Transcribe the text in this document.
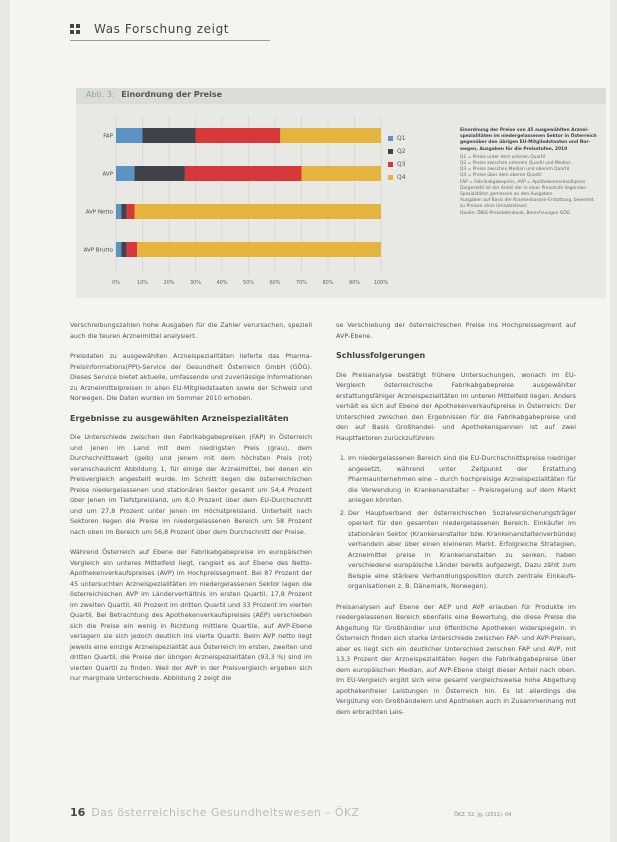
Was Forschung zeigt
Abb. 3: Einordnung der Preise
0%	10%	20%	30%	40%	50%	60%	70%	80%	90%	100%
FAP
AVP
AVP Netto
AVP Brutto
Q1
Q2
Q3
Q4
Einordnung der Preise von 45 ausgewählten Arzneispezialitäten im niedergelassenen Sektor in Österreich gegenüber den übrigen EU-Mitgliedstaaten und Norwegen, Ausgaben für die Preisstufen, 2010
Q1 = Preise unter dem unteren Quartil
Q2 = Preise zwischen unterem Quartil und Median
Q3 = Preise zwischen Median und oberem Quartil
Q4 = Preise über dem oberen Quartil
FAP = Fabrikabgabepreis, AVP = Apothekenverkaufspreis
Dargestellt ist der Anteil der in einer Preisstufe liegenden Spezialitäten gemessen an den Ausgaben.
Ausgaben auf Basis der Krankenkassen-Erstattung, bewertet zu Preisen ohne Umsatzsteuer.
Quelle: ÖBIG-Preisdatenbank, Berechnungen GÖG

Verschreibungszahlen hohe Ausgaben für die Zahler verursachen, speziell auch die teuren Arzneimittel analysiert.

Preisdaten zu ausgewählten Arzneispezialitäten lieferte das Pharma-Preisinformations(PPI)-Service der Gesundheit Österreich GmbH (GÖG). Dieses Service bietet aktuelle, umfassende und zuverlässige Informationen zu Arzneimittelpreisen in allen EU-Mitgliedstaaten sowie der Schweiz und Norwegen. Die Daten wurden im Sommer 2010 erhoben.

Ergebnisse zu ausgewählten Arzneispezialitäten

Die Unterschiede zwischen den Fabrikabgabepreisen (FAP) in Österreich und jenen im Land mit dem niedrigsten Preis (grau), dem Durchschnittswert (gelb) und jenem mit dem höchsten Preis (rot) veranschaulicht Abbildung 1, für einige der Arzneimittel, bei denen ein Preisvergleich angestellt wurde. Im Schnitt liegen die österreichischen Preise niedergelassenen und stationären Sektor gesamt um 54,4 Prozent über jenen im Tiefstpreisland, um 8,0 Prozent über dem EU-Durchschnitt und um 27,8 Prozent unter jenen im Höchstpreisland. Unterteilt nach Sektoren liegen die Preise im niedergelassenen Bereich um 58 Prozent nach oben im Bereich um 56,8 Prozent über dem Durchschnitt der Preise.

Während Österreich auf Ebene der Fabrikabgabepreise im europäischen Vergleich ein unteres Mittelfeld liegt, rangiert es auf Ebene des Netto-Apothekenverkaufspreises (AVP) im Hochpreissegment. Bei 87 Prozent der 45 untersuchten Arzneispezialitäten im niedergelassenen Sektor lagen die österreichischen AVP im Länderverhältnis im ersten Quartil, 17,8 Prozent im zweiten Quartil, 40 Prozent im dritten Quartil und 33 Prozent im vierten Quartil. Bei Betrachtung des Apothekenverkaufspreises (AEP) verschieben sich die Preise ein wenig in Richtung mittlere Quartile, auf AVP-Ebene verlagern sie sich jedoch deutlich ins vierte Quartil. Beim AVP netto liegt jeweils eine einzige Arzneispezialität aus Österreich im ersten, zweiten und dritten Quartil, die Preise der übrigen Arzneispezialitäten (93,3 %) sind im vierten Quartil zu finden. Weil der AVP in der Preisvergleich ergeben sich nur marginale Unterschiede. Abbildung 2 zeigt die

se Verschiebung der österreichischen Preise ins Hochpreissegment auf AVP-Ebene.

Schlussfolgerungen

Die Preisanalyse bestätigt frühere Untersuchungen, wonach im EU-Vergleich österreichische Fabrikabgabepreise ausgewählter erstattungsfähiger Arzneispezialitäten im unteren Mittelfeld liegen. Anders verhält es sich auf Ebene der Apothekenverkaufspreise in Österreich: Der Unterschied zwischen den Ergebnissen für die Fabrikabgabepreise und den auf Basis Großhandel- und Apothekenspannen ist auf zwei Hauptfaktoren zurückzuführen:

1. Im niedergelassenen Bereich sind die EU-Durchschnittspreise niedriger angesetzt, während unter Zeitpunkt der Erstattung Pharmaunternehmen eine – durch hochpreisige Arzneispezialitäten für die Verwendung in Krankenanstalter – Preisregelung auf dem Markt anlegen könnten.
2. Der Hauptverband der österreichischen Sozialversicherungsträger operiert für den gesamten niedergelassenen Bereich. Einkäufer im stationären Sektor (Krankenanstalter bzw. Krankenanstaltenverbünde) verhandeln aber über einen kleineren Markt. Erfolgreiche Strategien, Arzneimittel preise in Krankenanstalten zu senken, haben verschiedene europäische Länder bereits aufgezeigt, Dazu zählt zum Beispie eine stärkere Verhandlungsposition durch zentrale Einkaufsorganisationen z. B. Dänemark, Norwegen).

Preisanalysen auf Ebene der AEP und AVP erlauben für Produkte im niedergelassenen Bereich ebenfalls eine Bewertung, die diese Preise die Abgeltung für Großhändler und öffentliche Apotheken widerspiegeln. In Österreich finden sich starke Unterschiede zwischen FAP- und AVP-Preisen, aber es liegt sich ein deutlicher Unterschied zwischen FAP und AVP, mit 13,3 Prozent der Arzneispezialitäten liegen die Fabrikabgabepreise über dem europäischen Median, auf AVP-Ebene steigt dieser Anteil nach oben. Im EU-Vergleich ergibt sich eine gesamt vergleichsweise hohe Abgeltung apothekenfreier Leistungen in Österreich hin. Es ist allerdings die Vergütung von Großhändelern und Apotheken auch in Zusammenhang mit dem erbrachten Leis-

16 Das österreichische Gesundheitswesen – ÖKZ	ÖKZ, 52. Jg. (2011), 04
